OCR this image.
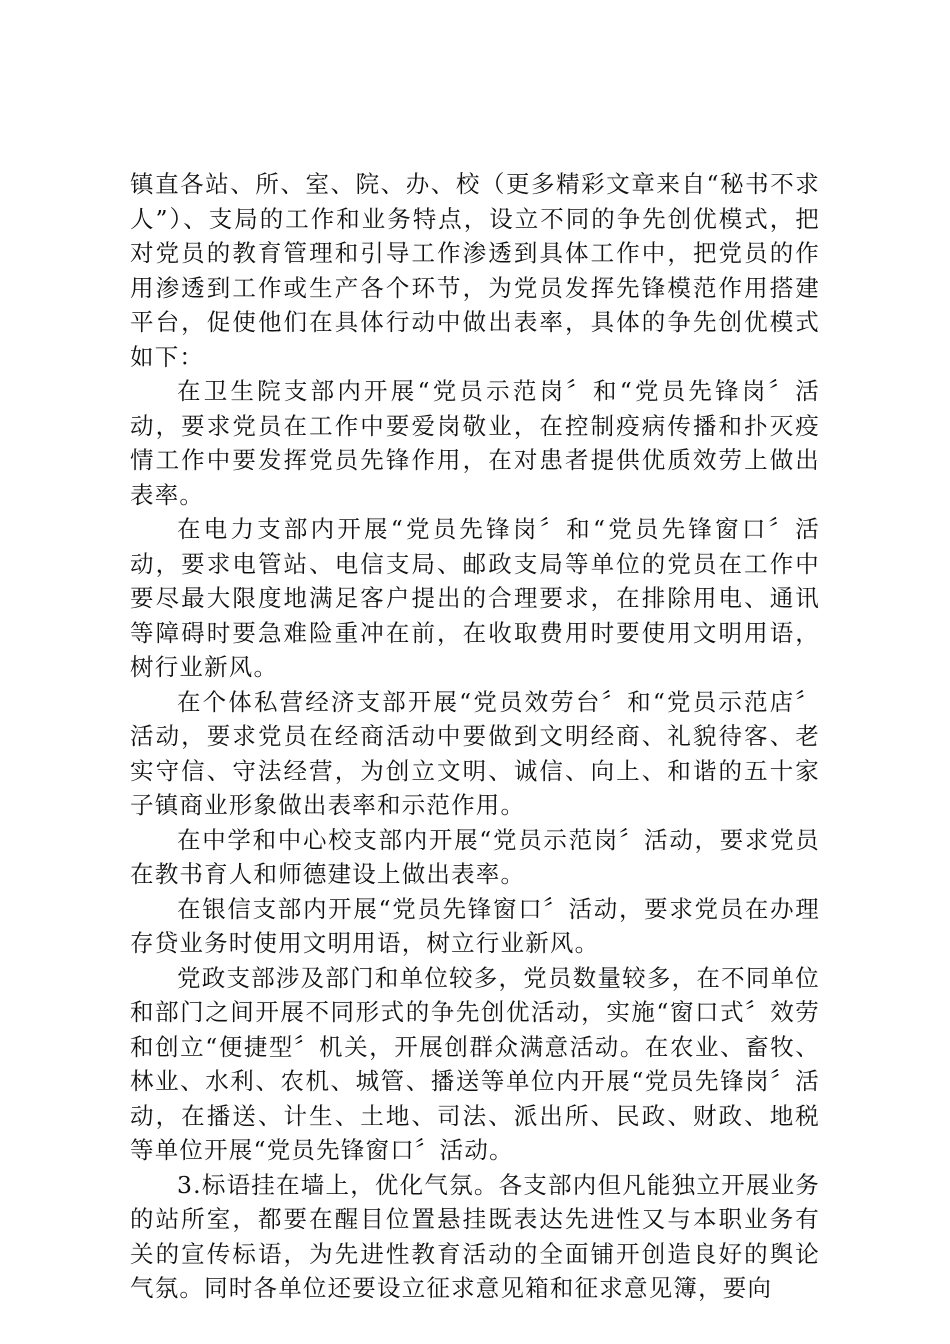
镇直各站、所、室、院、办、校（更多精彩文章来自“秘书不求人”）、支局的工作和业务特点，设立不同的争先创优模式，把对党员的教育管理和引导工作渗透到具体工作中，把党员的作用渗透到工作或生产各个环节，为党员发挥先锋模范作用搭建平台，促使他们在具体行动中做出表率，具体的争先创优模式如下：

在卫生院支部内开展“党员示范岗〞和“党员先锋岗〞活动，要求党员在工作中要爱岗敬业，在控制疫病传播和扑灭疫情工作中要发挥党员先锋作用，在对患者提供优质效劳上做出表率。

在电力支部内开展“党员先锋岗〞和“党员先锋窗口〞活动，要求电管站、电信支局、邮政支局等单位的党员在工作中要尽最大限度地满足客户提出的合理要求，在排除用电、通讯等障碍时要急难险重冲在前，在收取费用时要使用文明用语，树行业新风。

在个体私营经济支部开展“党员效劳台〞和“党员示范店〞活动，要求党员在经商活动中要做到文明经商、礼貌待客、老实守信、守法经营，为创立文明、诚信、向上、和谐的五十家子镇商业形象做出表率和示范作用。

在中学和中心校支部内开展“党员示范岗〞活动，要求党员在教书育人和师德建设上做出表率。

在银信支部内开展“党员先锋窗口〞活动，要求党员在办理存贷业务时使用文明用语，树立行业新风。

党政支部涉及部门和单位较多，党员数量较多，在不同单位和部门之间开展不同形式的争先创优活动，实施“窗口式〞效劳和创立“便捷型〞机关，开展创群众满意活动。在农业、畜牧、林业、水利、农机、城管、播送等单位内开展“党员先锋岗〞活动，在播送、计生、土地、司法、派出所、民政、财政、地税等单位开展“党员先锋窗口〞活动。

3.标语挂在墙上，优化气氛。各支部内但凡能独立开展业务的站所室，都要在醒目位置悬挂既表达先进性又与本职业务有关的宣传标语，为先进性教育活动的全面铺开创造良好的舆论气氛。同时各单位还要设立征求意见箱和征求意见簿，要向
